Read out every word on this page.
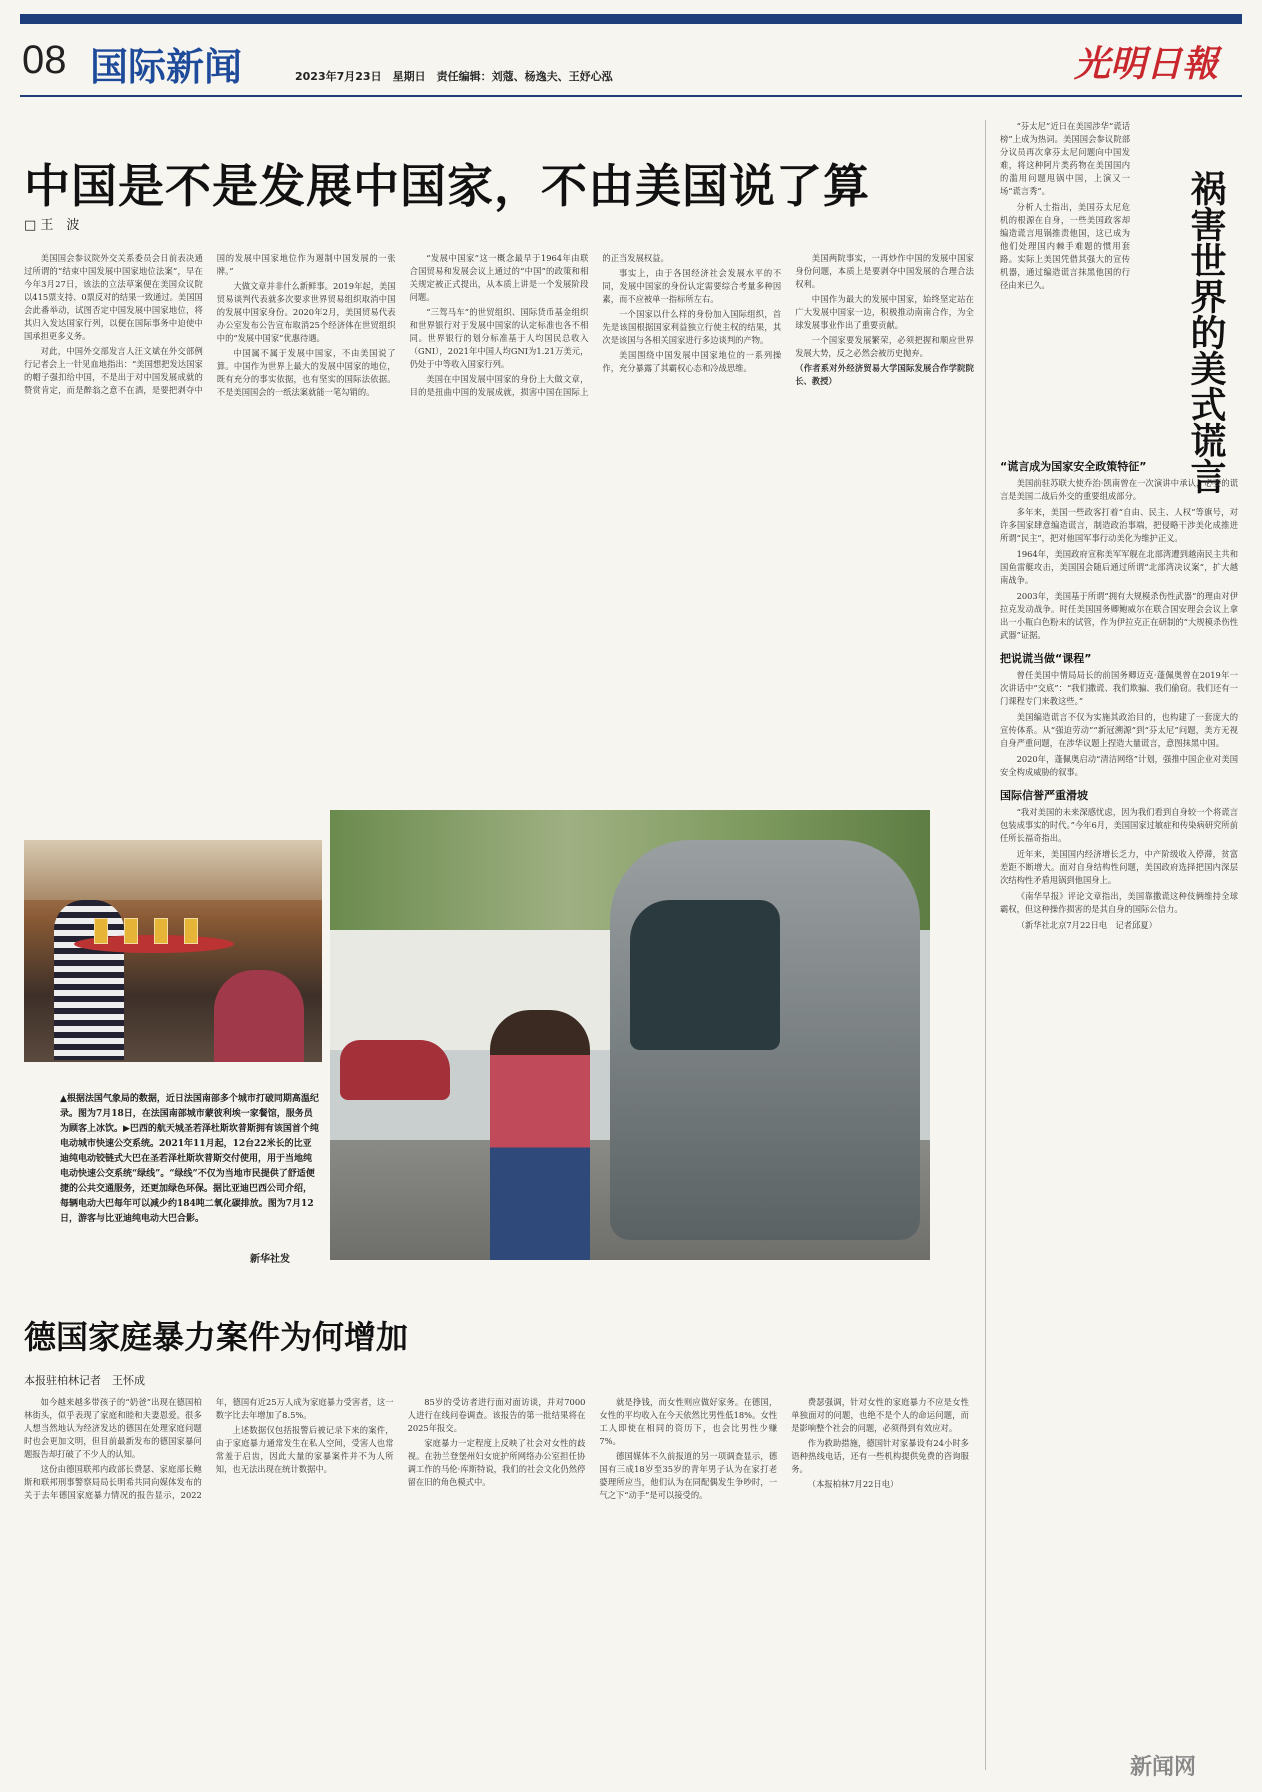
08 国际新闻	2023年7月23日　星期日　责任编辑：刘蔻、杨逸夫、王妤心泓	光明日報
中国是不是发展中国家，不由美国说了算
□ 王　波

美国国会参议院外交关系委员会日前表决通过所谓的“结束中国发展中国家地位法案”，早在今年3月27日，该法的立法草案便在美国众议院以415票支持、0票反对的结果一致通过。美国国会此番举动，试图否定中国发展中国家地位，将其归入发达国家行列，以便在国际事务中迫使中国承担更多义务。

对此，中国外交部发言人汪文斌在外交部例行记者会上一针见血地指出：“美国想把发达国家的帽子强扣给中国，不是出于对中国发展成就的赞赏肯定，而是醉翁之意不在酒，是要把剥夺中国的发展中国家地位作为遏制中国发展的一张牌。”

大做文章并非什么新鲜事。2019年起，美国贸易谈判代表就多次要求世界贸易组织取消中国的发展中国家身份。2020年2月，美国贸易代表办公室发布公告宣布取消25个经济体在世贸组织中的“发展中国家”优惠待遇。

中国属不属于发展中国家，不由美国说了算。中国作为世界上最大的发展中国家的地位，既有充分的事实依据，也有坚实的国际法依据。不是美国国会的一纸法案就能一笔勾销的。

“发展中国家”这一概念最早于1964年由联合国贸易和发展会议上通过的“中国”的政策和相关规定被正式提出，从本质上讲是一个发展阶段问题。

“三驾马车”的世贸组织、国际货币基金组织和世界银行对于发展中国家的认定标准也各不相同。世界银行的划分标准基于人均国民总收入（GNI），2021年中国人均GNI为1.21万美元，仍处于中等收入国家行列。

美国在中国发展中国家的身份上大做文章，目的是扭曲中国的发展成就，损害中国在国际上的正当发展权益。

事实上，由于各国经济社会发展水平的不同，发展中国家的身份认定需要综合考量多种因素，而不应被单一指标所左右。

一个国家以什么样的身份加入国际组织，首先是该国根据国家利益独立行使主权的结果，其次是该国与各相关国家进行多边谈判的产物。

美国围绕中国发展中国家地位的一系列操作，充分暴露了其霸权心态和冷战思维。

美国两院事实，一再炒作中国的发展中国家身份问题，本质上是要剥夺中国发展的合理合法权利。

中国作为最大的发展中国家，始终坚定站在广大发展中国家一边，积极推动南南合作，为全球发展事业作出了重要贡献。

一个国家要发展繁荣，必须把握和顺应世界发展大势，反之必然会被历史抛弃。

（作者系对外经济贸易大学国际发展合作学院院长、教授）

▲根据法国气象局的数据，近日法国南部多个城市打破同期高温纪录。图为7月18日，在法国南部城市蒙彼利埃一家餐馆，服务员为顾客上冰饮。▶巴西的航天城圣若泽杜斯坎普斯拥有该国首个纯电动城市快速公交系统。2021年11月起，12台22米长的比亚迪纯电动铰链式大巴在圣若泽杜斯坎普斯交付使用，用于当地纯电动快速公交系统“绿线”。“绿线”不仅为当地市民提供了舒适便捷的公共交通服务，还更加绿色环保。据比亚迪巴西公司介绍，每辆电动大巴每年可以减少约184吨二氧化碳排放。图为7月12日，游客与比亚迪纯电动大巴合影。
新华社发
德国家庭暴力案件为何增加
本报驻柏林记者　王怀成

如今越来越多带孩子的“奶爸”出现在德国柏林街头，似乎表现了家庭和睦和夫妻恩爱。很多人想当然地认为经济发达的德国在处理家庭问题时也会更加文明，但目前最新发布的德国家暴问题报告却打破了不少人的认知。

这份由德国联邦内政部长费瑟、家庭部长鲍斯和联邦刑事警察局局长明希共同向媒体发布的关于去年德国家庭暴力情况的报告显示，2022年，德国有近25万人成为家庭暴力受害者，这一数字比去年增加了8.5%。

上述数据仅包括报警后被记录下来的案件，由于家庭暴力通常发生在私人空间，受害人也常常羞于启齿，因此大量的家暴案件并不为人所知，也无法出现在统计数据中。

85岁的受访者进行面对面访谈，并对7000人进行在线问卷调查。该报告的第一批结果将在2025年报交。

家庭暴力一定程度上反映了社会对女性的歧视。在勃兰登堡州妇女庇护所网络办公室担任协调工作的马伦·库斯特说，我们的社会文化仍然停留在旧的角色模式中。

就是挣钱，而女性则应做好家务。在德国，女性的平均收入在今天依然比男性低18%。女性工人即使在相同的资历下，也会比男性少赚7%。

德国媒体不久前报道的另一项调查显示，德国有三成18岁至35岁的青年男子认为在家打老婆理所应当，他们认为在同配偶发生争吵时，一气之下“动手”是可以接受的。

费瑟强调，针对女性的家庭暴力不应是女性单独面对的问题，也绝不是个人的命运问题，而是影响整个社会的问题，必须得到有效应对。

作为救助措施，德国针对家暴设有24小时多语种热线电话，还有一些机构提供免费的咨询服务。

（本报柏林7月22日电）

“芬太尼”近日在美国涉华“谎话榜”上成为热词。美国国会参议院部分议员再次拿芬太尼问题向中国发难，将这种阿片类药物在美国国内的滥用问题甩锅中国，上演又一场“谎言秀”。

分析人士指出，美国芬太尼危机的根源在自身，一些美国政客却编造谎言甩锅推责他国，这已成为他们处理国内棘手难题的惯用套路。实际上美国凭借其强大的宣传机器，通过编造谎言抹黑他国的行径由来已久。	祸害世界的美式谎言
“谎言成为国家安全政策特征”

美国前驻苏联大使乔治·凯南曾在一次演讲中承认，必要的谎言是美国二战后外交的重要组成部分。

多年来，美国一些政客打着“自由、民主、人权”等旗号，对许多国家肆意编造谎言，制造政治事端，把侵略干涉美化成推进所谓“民主”，把对他国军事行动美化为维护正义。

1964年，美国政府宣称美军军舰在北部湾遭到越南民主共和国鱼雷艇攻击，美国国会随后通过所谓“北部湾决议案”，扩大越南战争。

2003年，美国基于所谓“拥有大规模杀伤性武器”的理由对伊拉克发动战争。时任美国国务卿鲍威尔在联合国安理会会议上拿出一小瓶白色粉末的试管，作为伊拉克正在研制的“大规模杀伤性武器”证据。

把说谎当做“课程”

曾任美国中情局局长的前国务卿迈克·蓬佩奥曾在2019年一次讲话中“交底”：“我们撒谎、我们欺骗、我们偷窃。我们还有一门课程专门来教这些。”

美国编造谎言不仅为实施其政治目的，也构建了一套庞大的宣传体系。从“强迫劳动”“新冠溯源”到“芬太尼”问题，美方无视自身严重问题，在涉华议题上捏造大量谎言，意图抹黑中国。

2020年，蓬佩奥启动“清洁网络”计划，强推中国企业对美国安全构成威胁的叙事。

国际信誉严重滑坡

“我对美国的未来深感忧虑，因为我们看到自身较一个将谎言包装成事实的时代。”今年6月，美国国家过敏症和传染病研究所前任所长福奇指出。

近年来，美国国内经济增长乏力，中产阶级收入停滞，贫富差距不断增大。面对自身结构性问题，美国政府选择把国内深层次结构性矛盾甩锅到他国身上。

《南华早报》评论文章指出，美国靠撒谎这种伎俩维持全球霸权，但这种操作损害的是其自身的国际公信力。

（新华社北京7月22日电　记者邱夏）

新闻网
